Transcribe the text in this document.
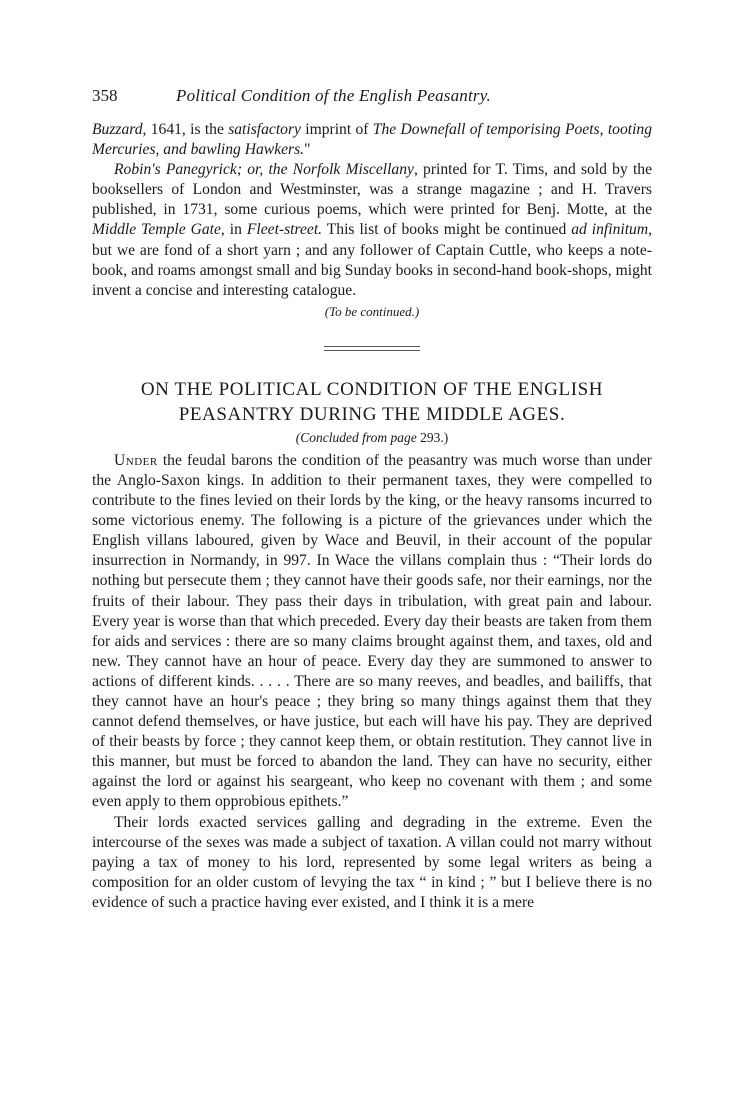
358	Political Condition of the English Peasantry.

Buzzard, 1641, is the satisfactory imprint of The Downefall of temporising Poets, tooting Mercuries, and bawling Hawkers."

Robin's Panegyrick; or, the Norfolk Miscellany, printed for T. Tims, and sold by the booksellers of London and Westminster, was a strange magazine ; and H. Travers published, in 1731, some curious poems, which were printed for Benj. Motte, at the Middle Temple Gate, in Fleet-street. This list of books might be continued ad infinitum, but we are fond of a short yarn ; and any follower of Captain Cuttle, who keeps a note-book, and roams amongst small and big Sunday books in second-hand book-shops, might invent a concise and interesting catalogue.

(To be continued.)
ON THE POLITICAL CONDITION OF THE ENGLISH
PEASANTRY DURING THE MIDDLE AGES.
(Concluded from page 293.)

Under the feudal barons the condition of the peasantry was much worse than under the Anglo-Saxon kings. In addition to their permanent taxes, they were compelled to contribute to the fines levied on their lords by the king, or the heavy ransoms incurred to some victorious enemy. The following is a picture of the grievances under which the English villans laboured, given by Wace and Beuvil, in their account of the popular insurrection in Normandy, in 997. In Wace the villans complain thus : “Their lords do nothing but persecute them ; they cannot have their goods safe, nor their earnings, nor the fruits of their labour. They pass their days in tribulation, with great pain and labour. Every year is worse than that which preceded. Every day their beasts are taken from them for aids and services : there are so many claims brought against them, and taxes, old and new. They cannot have an hour of peace. Every day they are summoned to answer to actions of different kinds. . . . . There are so many reeves, and beadles, and bailiffs, that they cannot have an hour's peace ; they bring so many things against them that they cannot defend themselves, or have justice, but each will have his pay. They are deprived of their beasts by force ; they cannot keep them, or obtain restitution. They cannot live in this manner, but must be forced to abandon the land. They can have no security, either against the lord or against his seargeant, who keep no covenant with them ; and some even apply to them opprobious epithets.”

Their lords exacted services galling and degrading in the extreme. Even the intercourse of the sexes was made a subject of taxation. A villan could not marry without paying a tax of money to his lord, represented by some legal writers as being a composition for an older custom of levying the tax “ in kind ; ” but I believe there is no evidence of such a practice having ever existed, and I think it is a mere
